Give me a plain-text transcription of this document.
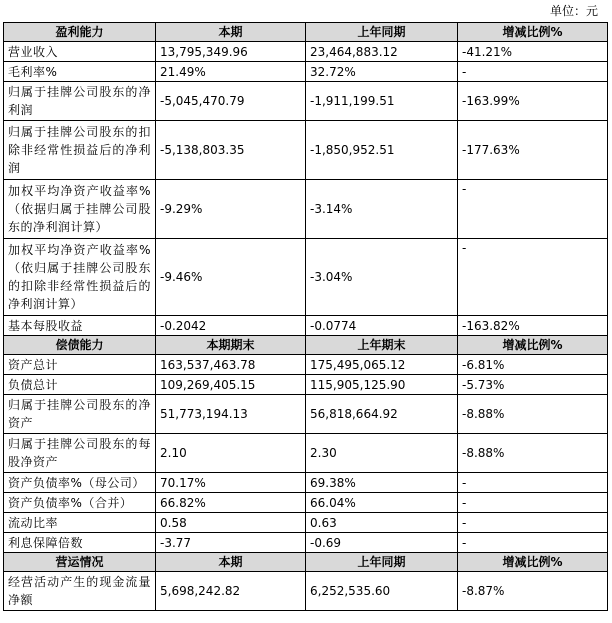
单位：元
盈利能力	本期	上年同期	增减比例%
营业收入	13,795,349.96	23,464,883.12	-41.21%
毛利率%	21.49%	32.72%	-
归属于挂牌公司股东的净利润	-5,045,470.79	-1,911,199.51	-163.99%
归属于挂牌公司股东的扣除非经常性损益后的净利润	-5,138,803.35	-1,850,952.51	-177.63%
加权平均净资产收益率%（依据归属于挂牌公司股东的净利润计算）	-9.29%	-3.14%	-
加权平均净资产收益率%（依归属于挂牌公司股东的扣除非经常性损益后的净利润计算）	-9.46%	-3.04%	-
基本每股收益	-0.2042	-0.0774	-163.82%
偿债能力	本期期末	上年期末	增减比例%
资产总计	163,537,463.78	175,495,065.12	-6.81%
负债总计	109,269,405.15	115,905,125.90	-5.73%
归属于挂牌公司股东的净资产	51,773,194.13	56,818,664.92	-8.88%
归属于挂牌公司股东的每股净资产	2.10	2.30	-8.88%
资产负债率%（母公司）	70.17%	69.38%	-
资产负债率%（合并）	66.82%	66.04%	-
流动比率	0.58	0.63	-
利息保障倍数	-3.77	-0.69	-
营运情况	本期	上年同期	增减比例%
经营活动产生的现金流量净额	5,698,242.82	6,252,535.60	-8.87%
